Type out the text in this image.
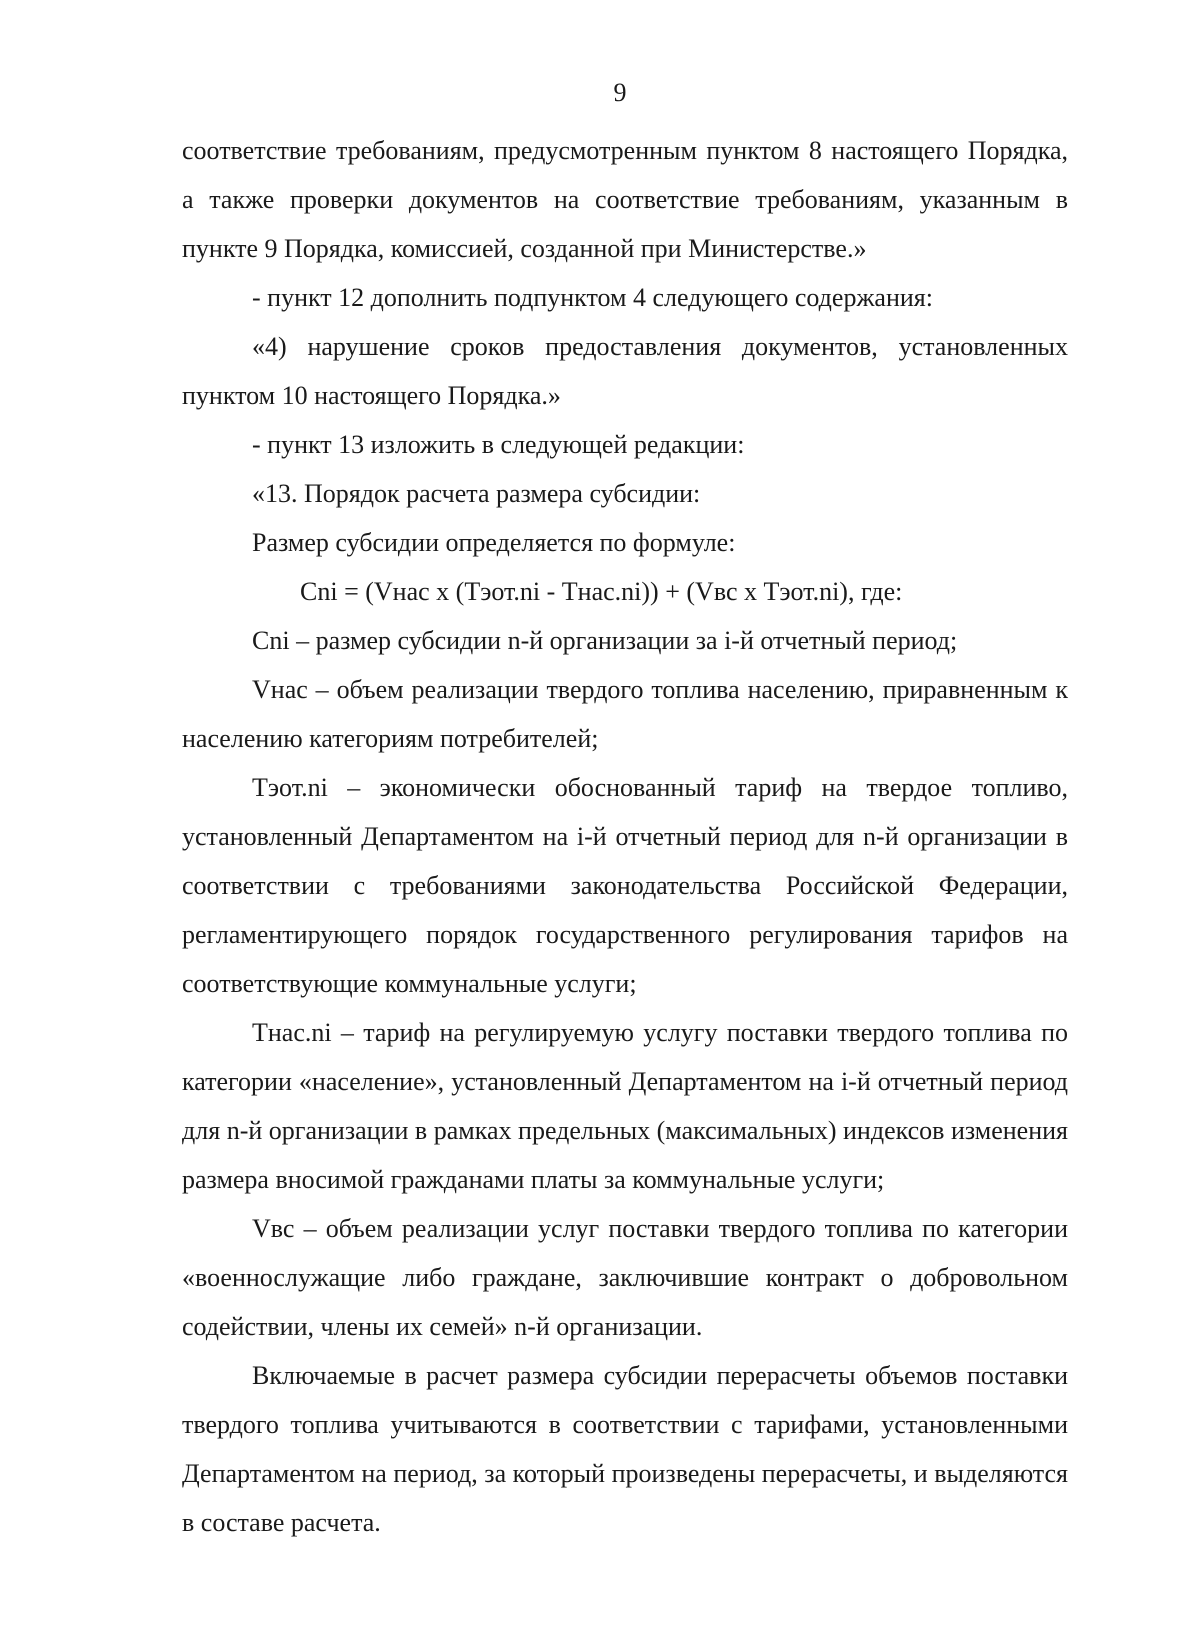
9

соответствие требованиям, предусмотренным пунктом 8 настоящего Порядка, а также проверки документов на соответствие требованиям, указанным в пункте 9 Порядка, комиссией, созданной при Министерстве.»

- пункт 12 дополнить подпунктом 4 следующего содержания:

«4) нарушение сроков предоставления документов, установленных пунктом 10 настоящего Порядка.»

- пункт 13 изложить в следующей редакции:

«13. Порядок расчета размера субсидии:

Размер субсидии определяется по формуле:

Cni = (Vнас х (Тэот.ni - Тнас.ni)) + (Vвс х Тэот.ni), где:

Cni – размер субсидии n-й организации за i-й отчетный период;

Vнас – объем реализации твердого топлива населению, приравненным к населению категориям потребителей;

Тэот.ni – экономически обоснованный тариф на твердое топливо, установленный Департаментом на i-й отчетный период для n-й организации в соответствии с требованиями законодательства Российской Федерации, регламентирующего порядок государственного регулирования тарифов на соответствующие коммунальные услуги;

Тнас.ni – тариф на регулируемую услугу поставки твердого топлива по категории «население», установленный Департаментом на i-й отчетный период для n-й организации в рамках предельных (максимальных) индексов изменения размера вносимой гражданами платы за коммунальные услуги;

Vвс – объем реализации услуг поставки твердого топлива по категории «военнослужащие либо граждане, заключившие контракт о добровольном содействии, члены их семей» n-й организации.

Включаемые в расчет размера субсидии перерасчеты объемов поставки твердого топлива учитываются в соответствии с тарифами, установленными Департаментом на период, за который произведены перерасчеты, и выделяются в составе расчета.
